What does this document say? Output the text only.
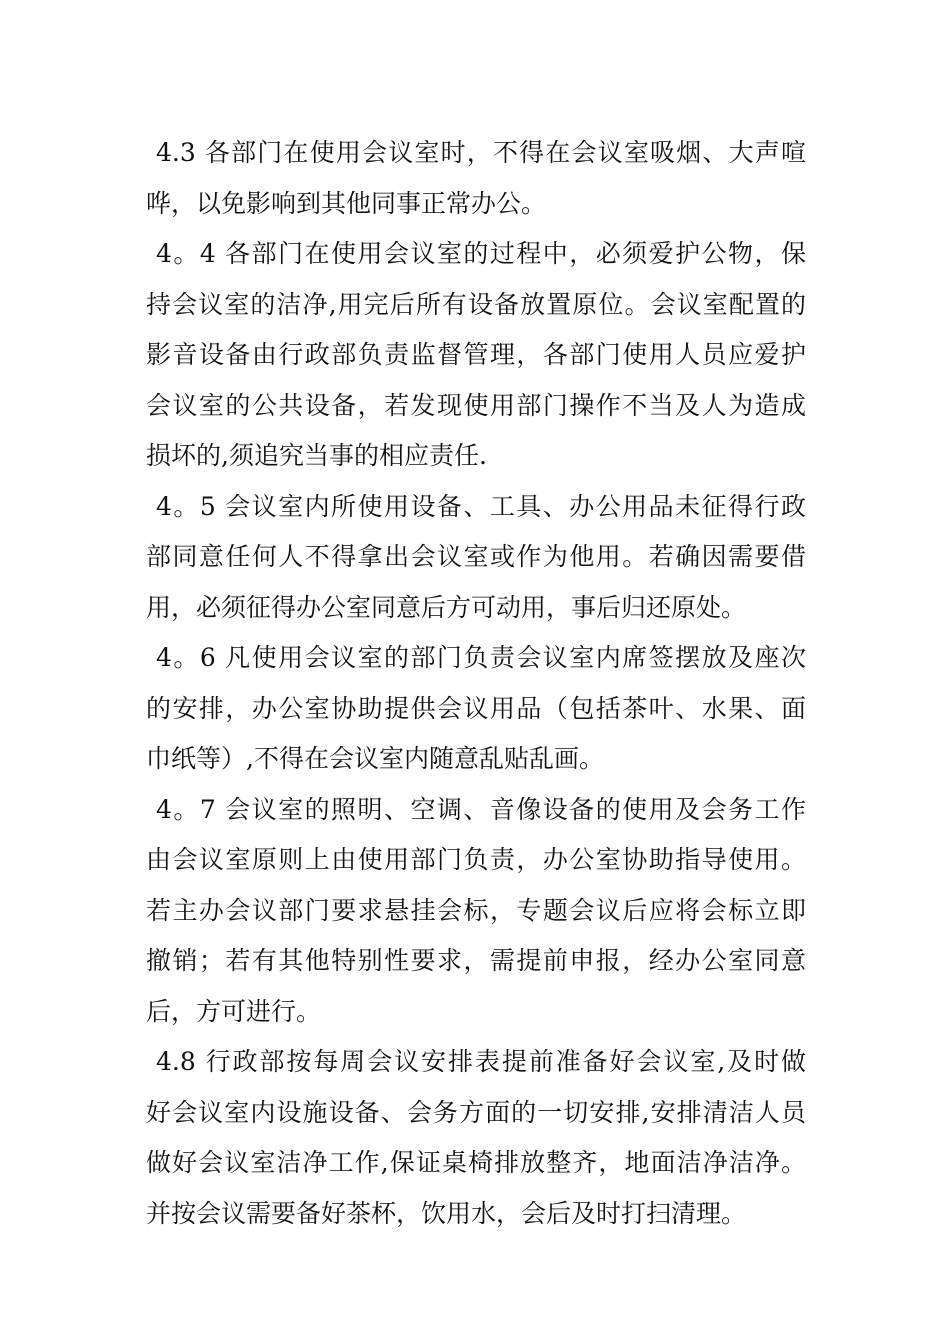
4.3 各部门在使用会议室时，不得在会议室吸烟、大声喧
哗，以免影响到其他同事正常办公。
4。4 各部门在使用会议室的过程中，必须爱护公物，保
持会议室的洁净,用完后所有设备放置原位。会议室配置的
影音设备由行政部负责监督管理，各部门使用人员应爱护
会议室的公共设备，若发现使用部门操作不当及人为造成
损坏的,须追究当事的相应责任.
4。5 会议室内所使用设备、工具、办公用品未征得行政
部同意任何人不得拿出会议室或作为他用。若确因需要借
用，必须征得办公室同意后方可动用，事后归还原处。
4。6 凡使用会议室的部门负责会议室内席签摆放及座次
的安排，办公室协助提供会议用品（包括茶叶、水果、面
巾纸等）,不得在会议室内随意乱贴乱画。
4。7 会议室的照明、空调、音像设备的使用及会务工作
由会议室原则上由使用部门负责，办公室协助指导使用。
若主办会议部门要求悬挂会标，专题会议后应将会标立即
撤销；若有其他特别性要求，需提前申报，经办公室同意
后，方可进行。
4.8 行政部按每周会议安排表提前准备好会议室,及时做
好会议室内设施设备、会务方面的一切安排,安排清洁人员
做好会议室洁净工作,保证桌椅排放整齐，地面洁净洁净。
并按会议需要备好茶杯，饮用水，会后及时打扫清理。
